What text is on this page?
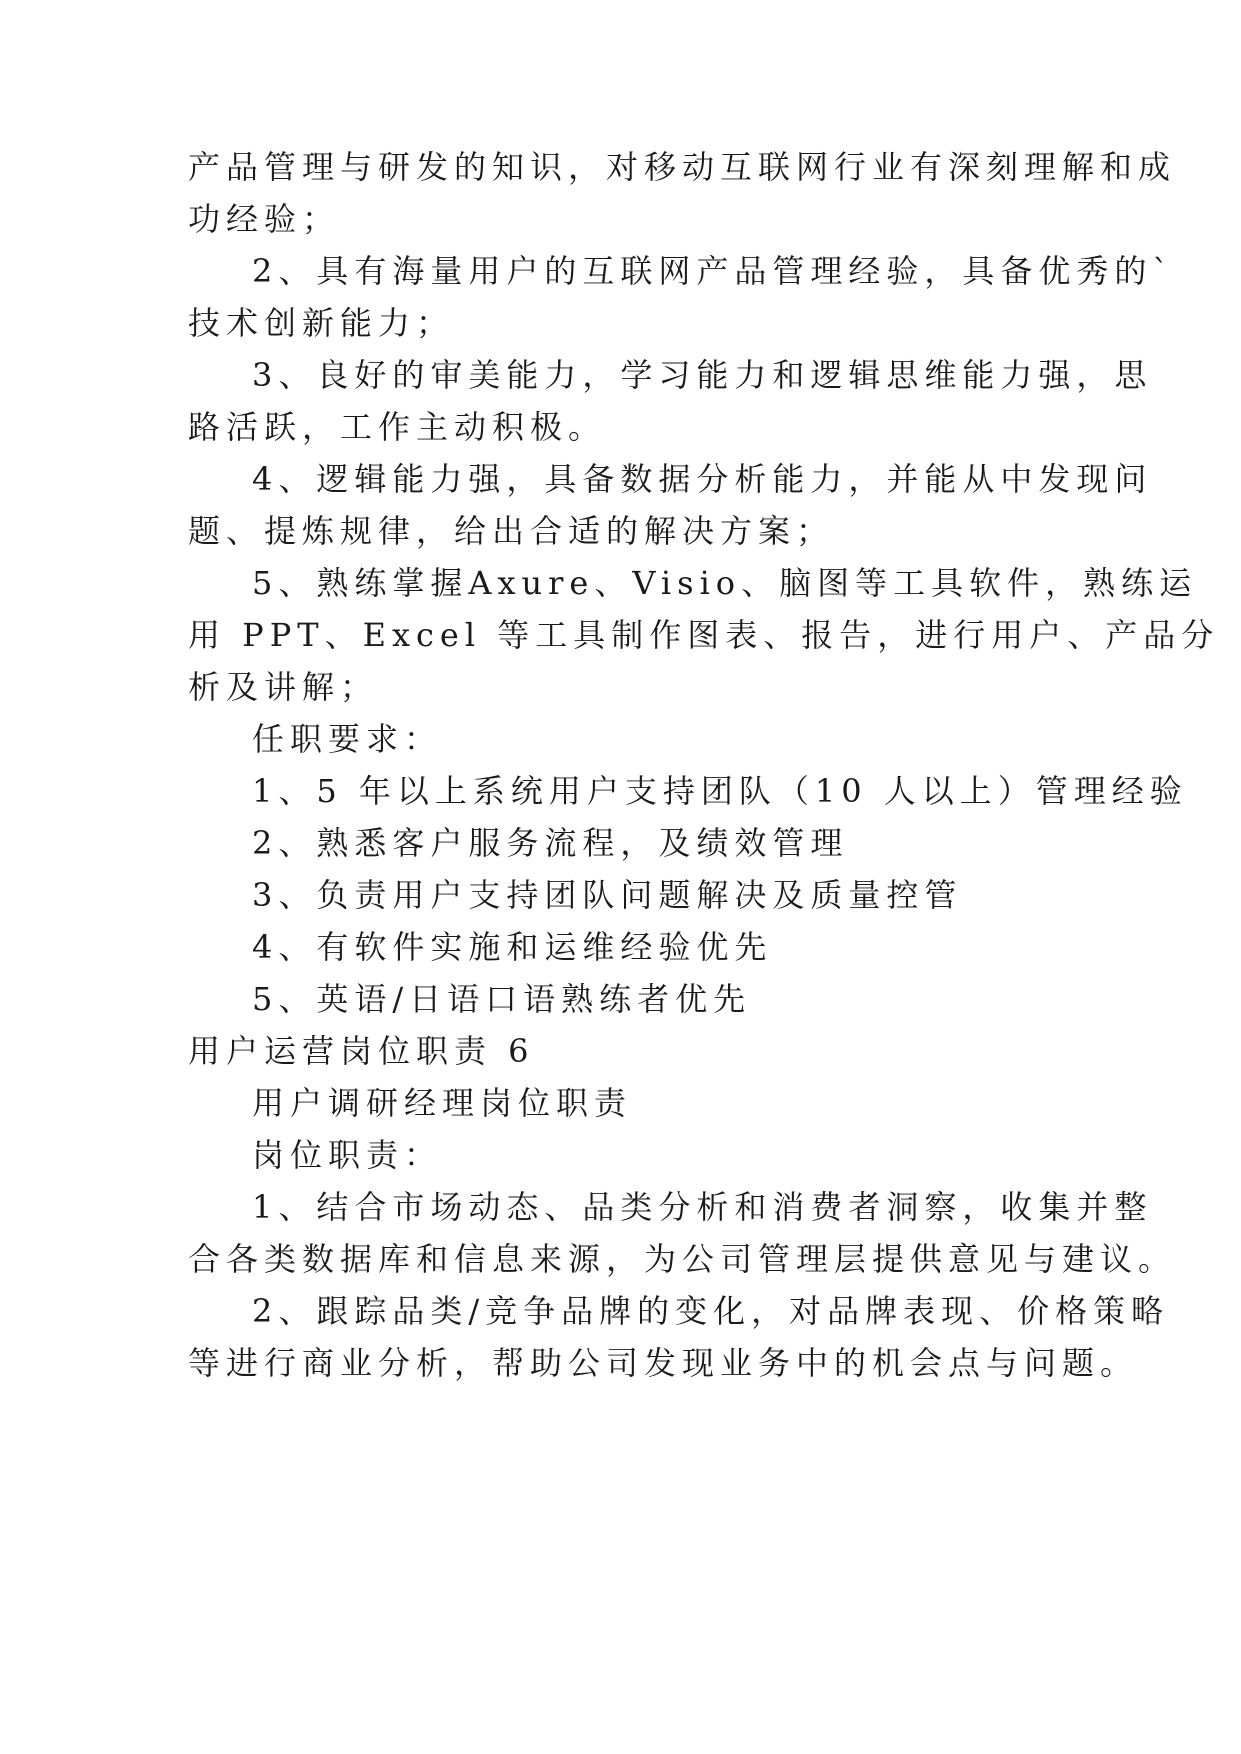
产品管理与研发的知识，对移动互联网行业有深刻理解和成
功经验；
2、具有海量用户的互联网产品管理经验，具备优秀的`
技术创新能力；
3、良好的审美能力，学习能力和逻辑思维能力强，思
路活跃，工作主动积极。
4、逻辑能力强，具备数据分析能力，并能从中发现问
题、提炼规律，给出合适的解决方案；
5、熟练掌握Axure、Visio、脑图等工具软件，熟练运
用 PPT、Excel 等工具制作图表、报告，进行用户、产品分
析及讲解；
任职要求：
1、5 年以上系统用户支持团队（10 人以上）管理经验
2、熟悉客户服务流程，及绩效管理
3、负责用户支持团队问题解决及质量控管
4、有软件实施和运维经验优先
5、英语/日语口语熟练者优先
用户运营岗位职责 6
用户调研经理岗位职责
岗位职责：
1、结合市场动态、品类分析和消费者洞察，收集并整
合各类数据库和信息来源，为公司管理层提供意见与建议。
2、跟踪品类/竞争品牌的变化，对品牌表现、价格策略
等进行商业分析，帮助公司发现业务中的机会点与问题。
